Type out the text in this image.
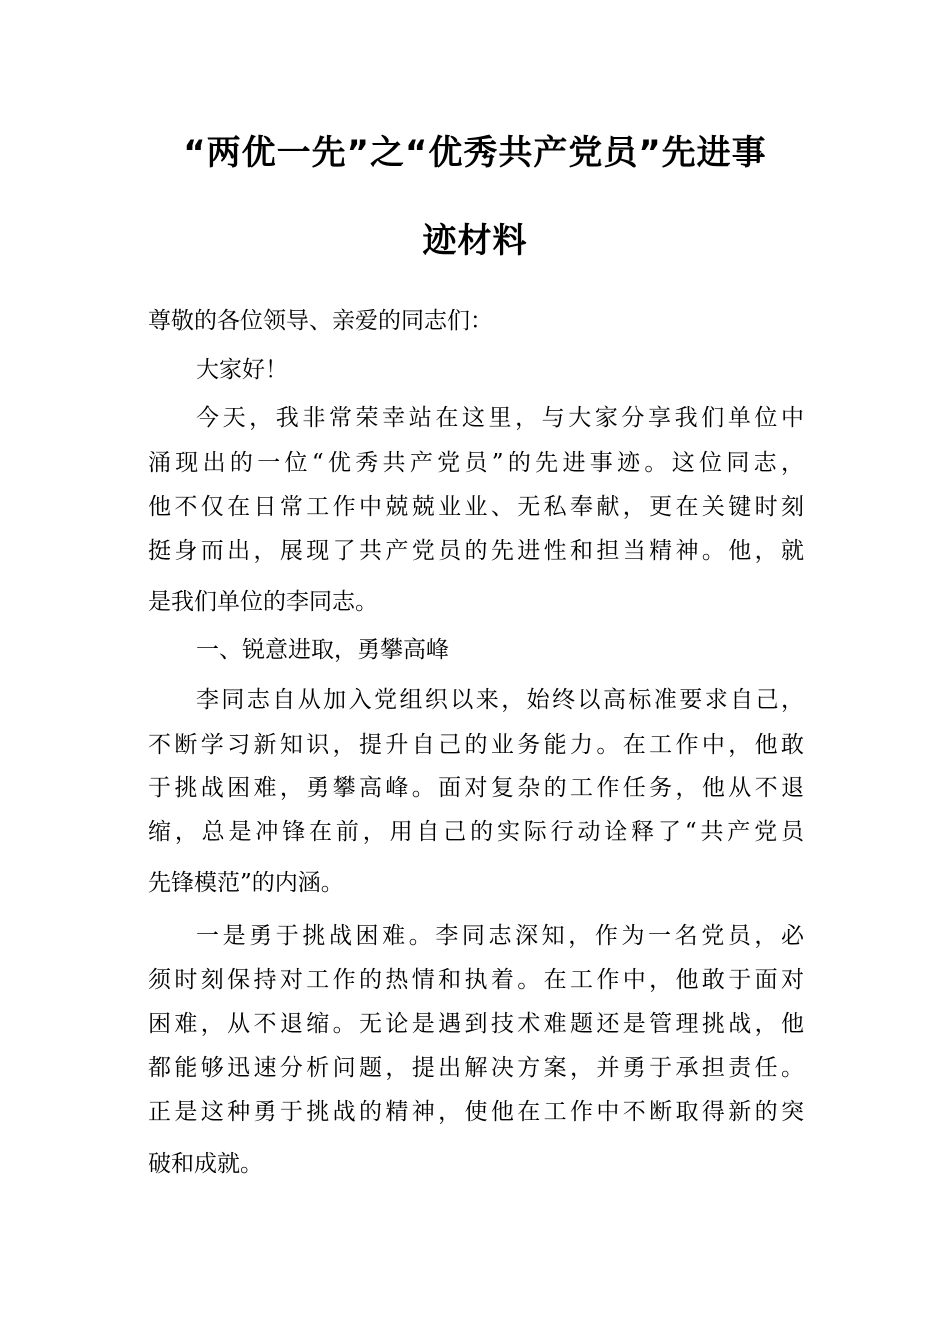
“两优一先”之“优秀共产党员”先进事
迹材料
尊敬的各位领导、亲爱的同志们：
大家好！
今天，我非常荣幸站在这里，与大家分享我们单位中
涌现出的一位“优秀共产党员”的先进事迹。这位同志，
他不仅在日常工作中兢兢业业、无私奉献，更在关键时刻
挺身而出，展现了共产党员的先进性和担当精神。他，就
是我们单位的李同志。
一、锐意进取，勇攀高峰
李同志自从加入党组织以来，始终以高标准要求自己，
不断学习新知识，提升自己的业务能力。在工作中，他敢
于挑战困难，勇攀高峰。面对复杂的工作任务，他从不退
缩，总是冲锋在前，用自己的实际行动诠释了“共产党员
先锋模范”的内涵。
一是勇于挑战困难。李同志深知，作为一名党员，必
须时刻保持对工作的热情和执着。在工作中，他敢于面对
困难，从不退缩。无论是遇到技术难题还是管理挑战，他
都能够迅速分析问题，提出解决方案，并勇于承担责任。
正是这种勇于挑战的精神，使他在工作中不断取得新的突
破和成就。
